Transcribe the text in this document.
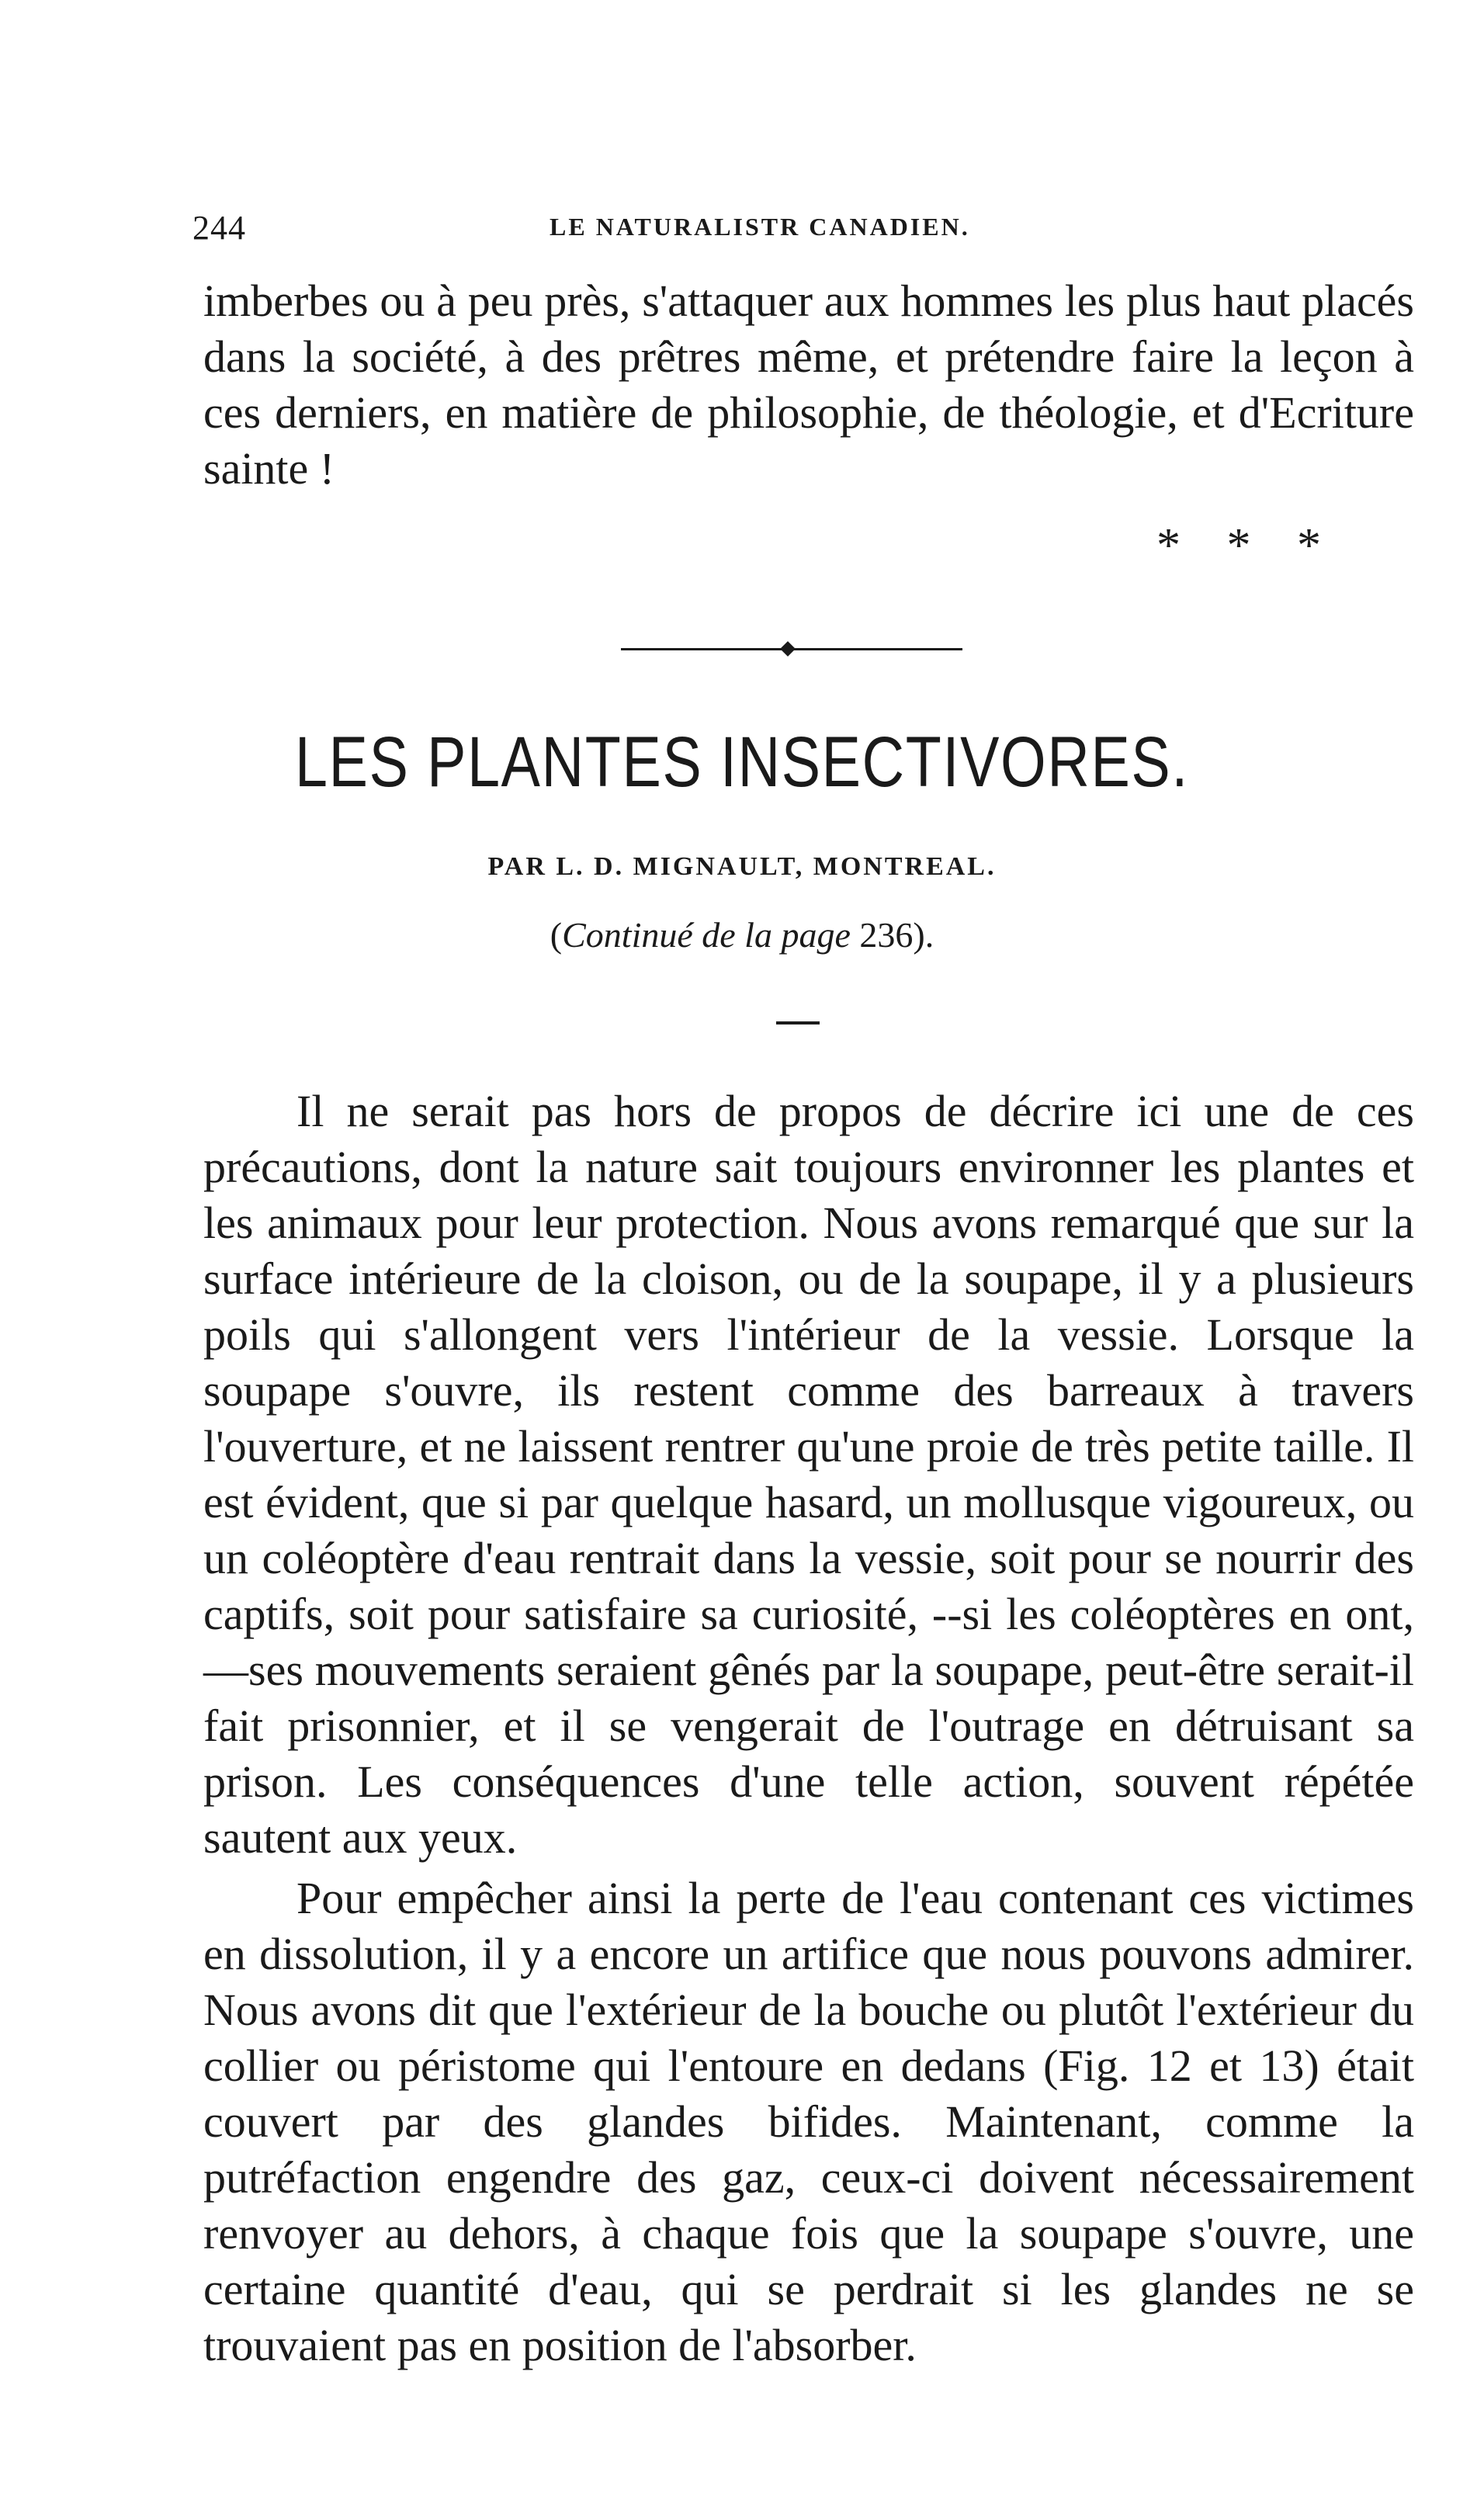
244	LE NATURALISTR CANADIEN.

imberbes ou à peu près, s'attaquer aux hommes les plus haut placés dans la société, à des prêtres même, et prétendre faire la leçon à ces derniers, en matière de philosophie, de théologie, et d'Ecriture sainte !

* * *
LES PLANTES INSECTIVORES.
PAR L. D. MIGNAULT, MONTREAL.
(Continué de la page 236).

Il ne serait pas hors de propos de décrire ici une de ces précautions, dont la nature sait toujours environner les plantes et les animaux pour leur protection. Nous avons remarqué que sur la surface intérieure de la cloison, ou de la soupape, il y a plusieurs poils qui s'allongent vers l'intérieur de la vessie. Lorsque la soupape s'ouvre, ils restent comme des barreaux à travers l'ouverture, et ne laissent rentrer qu'une proie de très petite taille. Il est évident, que si par quelque hasard, un mollusque vigoureux, ou un coléoptère d'eau rentrait dans la vessie, soit pour se nourrir des captifs, soit pour satisfaire sa curiosité, --si les coléoptères en ont,—ses mouvements seraient gênés par la soupape, peut-être serait-il fait prisonnier, et il se vengerait de l'outrage en détruisant sa prison. Les conséquences d'une telle action, souvent répétée sautent aux yeux.

Pour empêcher ainsi la perte de l'eau contenant ces victimes en dissolution, il y a encore un artifice que nous pouvons admirer. Nous avons dit que l'extérieur de la bouche ou plutôt l'extérieur du collier ou péristome qui l'entoure en dedans (Fig. 12 et 13) était couvert par des glandes bifides. Maintenant, comme la putréfaction engendre des gaz, ceux-ci doivent nécessairement renvoyer au dehors, à chaque fois que la soupape s'ouvre, une certaine quantité d'eau, qui se perdrait si les glandes ne se trouvaient pas en position de l'absorber.
